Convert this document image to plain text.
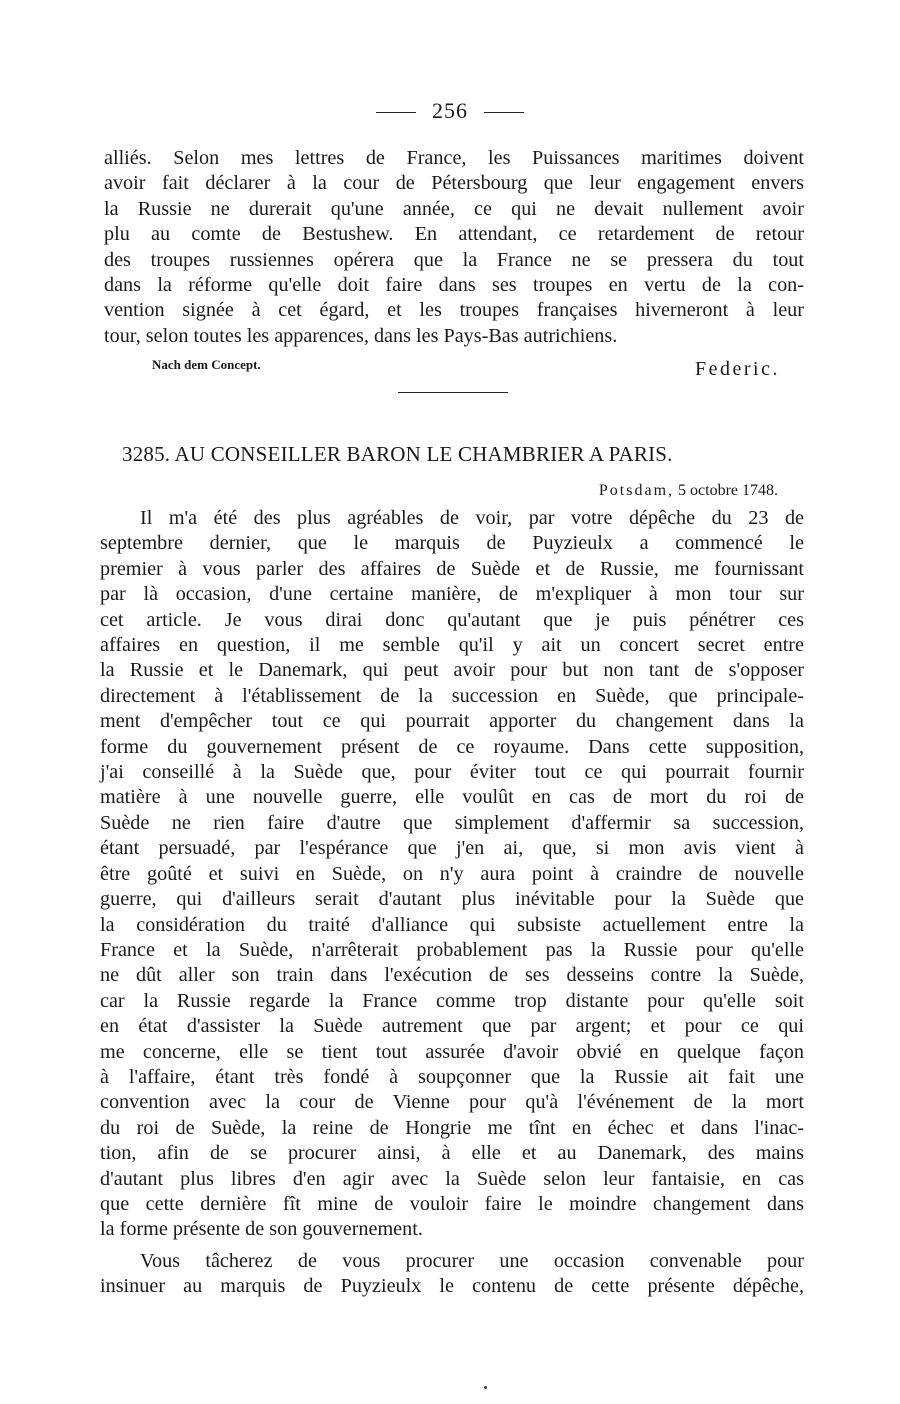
256
alliés. Selon mes lettres de France, les Puissances maritimes doivent
avoir fait déclarer à la cour de Pétersbourg que leur engagement envers
la Russie ne durerait qu'une année, ce qui ne devait nullement avoir
plu au comte de Bestushew. En attendant, ce retardement de retour
des troupes russiennes opérera que la France ne se pressera du tout
dans la réforme qu'elle doit faire dans ses troupes en vertu de la con-
vention signée à cet égard, et les troupes françaises hiverneront à leur
tour, selon toutes les apparences, dans les Pays-Bas autrichiens.
Nach dem Concept.	Federic.
3285. AU CONSEILLER BARON LE CHAMBRIER A PARIS.
Potsdam, 5 octobre 1748.
Il m'a été des plus agréables de voir, par votre dépêche du 23 de
septembre dernier, que le marquis de Puyzieulx a commencé le
premier à vous parler des affaires de Suède et de Russie, me fournissant
par là occasion, d'une certaine manière, de m'expliquer à mon tour sur
cet article. Je vous dirai donc qu'autant que je puis pénétrer ces
affaires en question, il me semble qu'il y ait un concert secret entre
la Russie et le Danemark, qui peut avoir pour but non tant de s'opposer
directement à l'établissement de la succession en Suède, que principale-
ment d'empêcher tout ce qui pourrait apporter du changement dans la
forme du gouvernement présent de ce royaume. Dans cette supposition,
j'ai conseillé à la Suède que, pour éviter tout ce qui pourrait fournir
matière à une nouvelle guerre, elle voulût en cas de mort du roi de
Suède ne rien faire d'autre que simplement d'affermir sa succession,
étant persuadé, par l'espérance que j'en ai, que, si mon avis vient à
être goûté et suivi en Suède, on n'y aura point à craindre de nouvelle
guerre, qui d'ailleurs serait d'autant plus inévitable pour la Suède que
la considération du traité d'alliance qui subsiste actuellement entre la
France et la Suède, n'arrêterait probablement pas la Russie pour qu'elle
ne dût aller son train dans l'exécution de ses desseins contre la Suède,
car la Russie regarde la France comme trop distante pour qu'elle soit
en état d'assister la Suède autrement que par argent; et pour ce qui
me concerne, elle se tient tout assurée d'avoir obvié en quelque façon
à l'affaire, étant très fondé à soupçonner que la Russie ait fait une
convention avec la cour de Vienne pour qu'à l'événement de la mort
du roi de Suède, la reine de Hongrie me tînt en échec et dans l'inac-
tion, afin de se procurer ainsi, à elle et au Danemark, des mains
d'autant plus libres d'en agir avec la Suède selon leur fantaisie, en cas
que cette dernière fît mine de vouloir faire le moindre changement dans
la forme présente de son gouvernement.
Vous tâcherez de vous procurer une occasion convenable pour
insinuer au marquis de Puyzieulx le contenu de cette présente dépêche,
